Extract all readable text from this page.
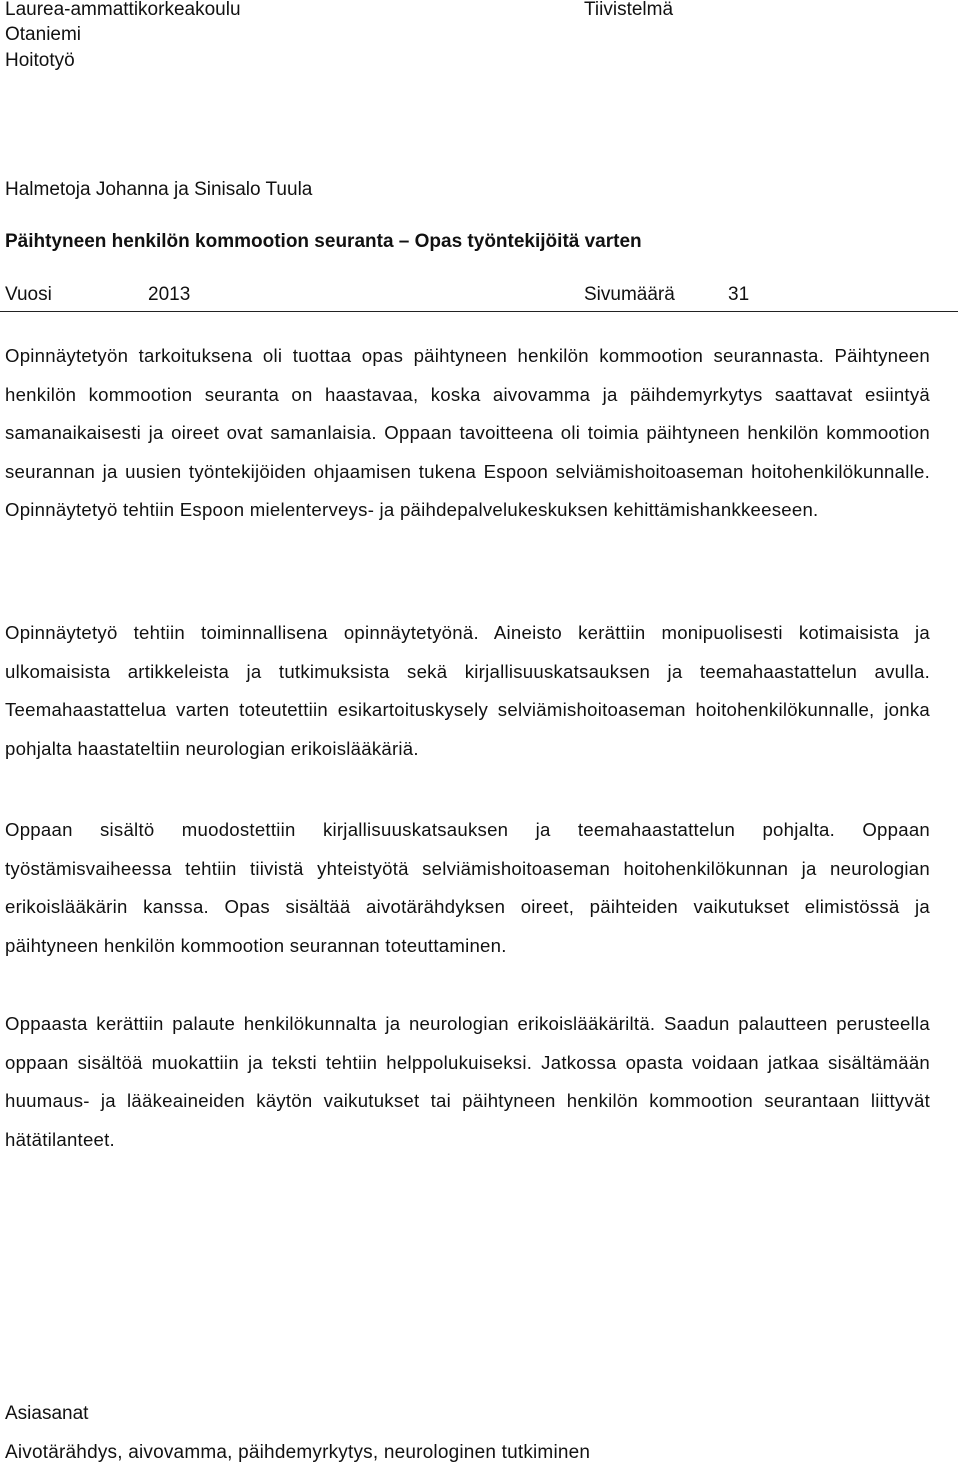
Laurea-ammattikorkeakoulu	Tiivistelmä
Otaniemi
Hoitotyö
Halmetoja Johanna ja Sinisalo Tuula
Päihtyneen henkilön kommootion seuranta – Opas työntekijöitä varten
Vuosi	2013	Sivumäärä	31
Opinnäytetyön tarkoituksena oli tuottaa opas päihtyneen henkilön kommootion seurannasta. Päihtyneen henkilön kommootion seuranta on haastavaa, koska aivovamma ja päihdemyrkytys saattavat esiintyä samanaikaisesti ja oireet ovat samanlaisia. Oppaan tavoitteena oli toimia päihtyneen henkilön kommootion seurannan ja uusien työntekijöiden ohjaamisen tukena Espoon selviämishoitoaseman hoitohenkilökunnalle. Opinnäytetyö tehtiin Espoon mielenterveys- ja päihdepalvelukeskuksen kehittämishankkeeseen.
Opinnäytetyö tehtiin toiminnallisena opinnäytetyönä. Aineisto kerättiin monipuolisesti kotimaisista ja ulkomaisista artikkeleista ja tutkimuksista sekä kirjallisuuskatsauksen ja teemahaastattelun avulla. Teemahaastattelua varten toteutettiin esikartoituskysely selviämishoitoaseman hoitohenkilökunnalle, jonka pohjalta haastateltiin neurologian erikoislääkäriä.
Oppaan sisältö muodostettiin kirjallisuuskatsauksen ja teemahaastattelun pohjalta. Oppaan työstämisvaiheessa tehtiin tiivistä yhteistyötä selviämishoitoaseman hoitohenkilökunnan ja neurologian erikoislääkärin kanssa. Opas sisältää aivotärähdyksen oireet, päihteiden vaikutukset elimistössä ja päihtyneen henkilön kommootion seurannan toteuttaminen.
Oppaasta kerättiin palaute henkilökunnalta ja neurologian erikoislääkäriltä. Saadun palautteen perusteella oppaan sisältöä muokattiin ja teksti tehtiin helppolukuiseksi. Jatkossa opasta voidaan jatkaa sisältämään huumaus- ja lääkeaineiden käytön vaikutukset tai päihtyneen henkilön kommootion seurantaan liittyvät hätätilanteet.
Asiasanat
Aivotärähdys, aivovamma, päihdemyrkytys, neurologinen tutkiminen
